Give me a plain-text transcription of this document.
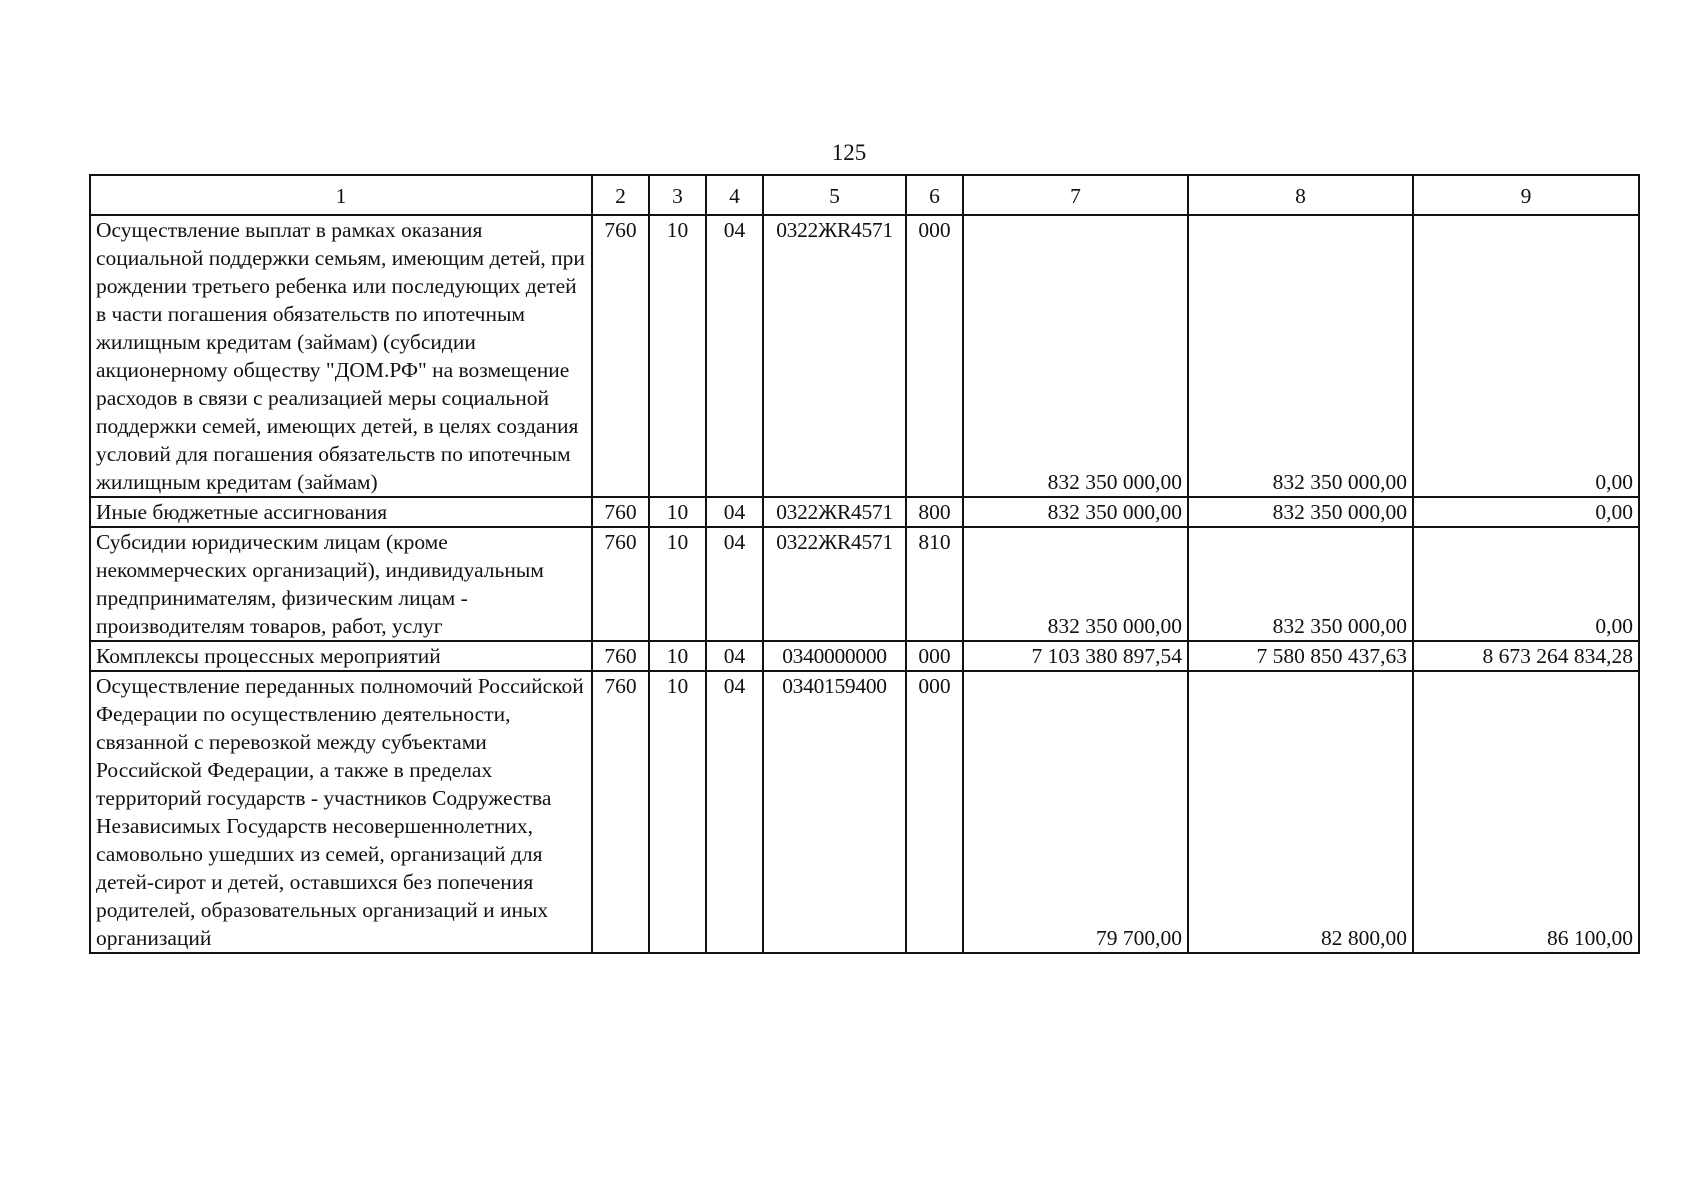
125
1	2	3	4	5	6	7	8	9
Осуществление выплат в рамках оказания социальной поддержки семьям, имеющим детей, при рождении третьего ребенка или последующих детей в части погашения обязательств по ипотечным жилищным кредитам (займам) (субсидии акционерному обществу "ДОМ.РФ" на возмещение расходов в связи с реализацией меры социальной поддержки семей, имеющих детей, в целях создания условий для погашения обязательств по ипотечным жилищным кредитам (займам)	760	10	04	0322ЖR4571	000	832 350 000,00	832 350 000,00	0,00
Иные бюджетные ассигнования	760	10	04	0322ЖR4571	800	832 350 000,00	832 350 000,00	0,00
Субсидии юридическим лицам (кроме некоммерческих организаций), индивидуальным предпринимателям, физическим лицам - производителям товаров, работ, услуг	760	10	04	0322ЖR4571	810	832 350 000,00	832 350 000,00	0,00
Комплексы процессных мероприятий	760	10	04	0340000000	000	7 103 380 897,54	7 580 850 437,63	8 673 264 834,28
Осуществление переданных полномочий Российской Федерации по осуществлению деятельности, связанной с перевозкой между субъектами Российской Федерации, а также в пределах территорий государств - участников Содружества Независимых Государств несовершеннолетних, самовольно ушедших из семей, организаций для детей-сирот и детей, оставшихся без попечения родителей, образовательных организаций и иных организаций	760	10	04	0340159400	000	79 700,00	82 800,00	86 100,00
